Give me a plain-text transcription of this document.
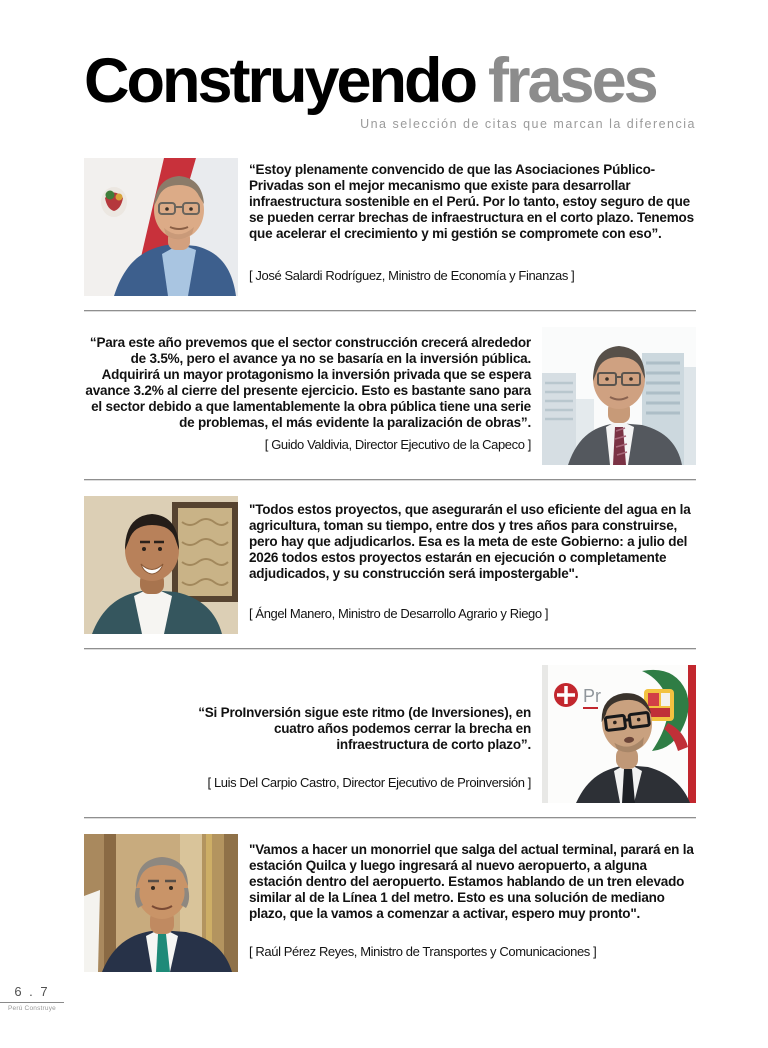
Construyendo frases
Una selección de citas que marcan la diferencia

“Estoy plenamente convencido de que las Asociaciones Público-Privadas son el mejor mecanismo que existe para desarrollar infraestructura sostenible en el Perú. Por lo tanto, estoy seguro de que se pueden cerrar brechas de infraestructura en el corto plazo. Tenemos que acelerar el crecimiento y mi gestión se compromete con eso”.

[ José Salardi Rodríguez, Ministro de Economía y Finanzas ]

“Para este año prevemos que el sector construcción crecerá alrededor de 3.5%, pero el avance ya no se basaría en la inversión pública. Adquirirá un mayor protagonismo la inversión privada que se espera avance 3.2% al cierre del presente ejercicio. Esto es bastante sano para el sector debido a que lamentablemente la obra pública tiene una serie de problemas, el más evidente la paralización de obras”.

[ Guido Valdivia, Director Ejecutivo de la Capeco ]

"Todos estos proyectos, que asegurarán el uso eficiente del agua en la agricultura, toman su tiempo, entre dos y tres años para construirse, pero hay que adjudicarlos. Esa es la meta de este Gobierno: a julio del 2026 todos estos proyectos estarán en ejecución o completamente adjudicados, y su construcción será impostergable".

[ Ángel Manero, Ministro de Desarrollo Agrario y Riego ]

Pr

“Si ProInversión sigue este ritmo (de Inversiones), en cuatro años podemos cerrar la brecha en infraestructura de corto plazo”.

[ Luis Del Carpio Castro, Director Ejecutivo de Proinversión ]

"Vamos a hacer un monorriel que salga del actual terminal, parará en la estación Quilca y luego ingresará al nuevo aeropuerto, a alguna estación dentro del aeropuerto. Estamos hablando de un tren elevado similar al de la Línea 1 del metro. Esto es una solución de mediano plazo, que la vamos a comenzar a activar, espero muy pronto".

[ Raúl Pérez Reyes, Ministro de Transportes y Comunicaciones ]

6 . 7
Perú Construye
